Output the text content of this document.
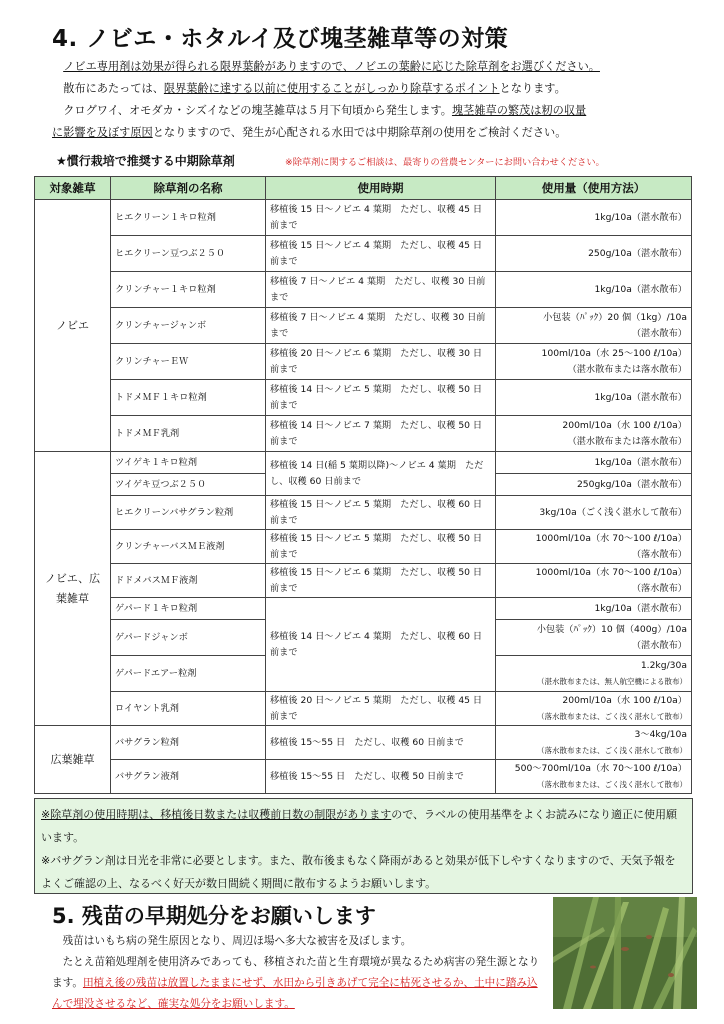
4. ノビエ・ホタルイ及び塊茎雑草等の対策
ノビエ専用剤は効果が得られる限界葉齢がありますので、ノビエの葉齢に応じた除草剤をお選びください。
散布にあたっては、限界葉齢に達する以前に使用することがしっかり除草するポイントとなります。
クログワイ、オモダカ・シズイなどの塊茎雑草は５月下旬頃から発生します。塊茎雑草の繁茂は籾の収量
に影響を及ぼす原因となりますので、発生が心配される水田では中期除草剤の使用をご検討ください。
★慣行栽培で推奨する中期除草剤	※除草剤に関するご相談は、最寄りの営農センターにお問い合わせください。
対象雑草	除草剤の名称	使用時期	使用量（使用方法）
ノビエ	ヒエクリーン１キロ粒剤	移植後 15 日～ノビエ 4 葉期　ただし、収穫 45 日前まで	1kg/10a（湛水散布）

	ヒエクリーン豆つぶ２５０	移植後 15 日～ノビエ 4 葉期　ただし、収穫 45 日前まで	250g/10a（湛水散布）

	クリンチャー１キロ粒剤	移植後 7 日～ノビエ 4 葉期　ただし、収穫 30 日前まで	1kg/10a（湛水散布）

	クリンチャージャンボ	移植後 7 日～ノビエ 4 葉期　ただし、収穫 30 日前まで	小包装（ﾊﾟｯｸ）20 個（1kg）/10a
（湛水散布）

	クリンチャーＥＷ	移植後 20 日～ノビエ 6 葉期　ただし、収穫 30 日前まで	100ml/10a（水 25～100 ℓ/10a）
（湛水散布または落水散布）

	トドメＭＦ１キロ粒剤	移植後 14 日～ノビエ 5 葉期　ただし、収穫 50 日前まで	1kg/10a（湛水散布）

	トドメＭＦ乳剤	移植後 14 日～ノビエ 7 葉期　ただし、収穫 50 日前まで	200ml/10a（水 100 ℓ/10a）
（湛水散布または落水散布）

ノビエ、広葉雑草	ツイゲキ１キロ粒剤	移植後 14 日(稲 5 葉期以降)～ノビエ 4 葉期　ただし、収穫 60 日前まで	1kg/10a（湛水散布）

	ツイゲキ豆つぶ２５０		250gkg/10a（湛水散布）

	ヒエクリーンバサグラン粒剤	移植後 15 日～ノビエ 5 葉期　ただし、収穫 60 日前まで	3kg/10a（ごく浅く湛水して散布）

	クリンチャーバスＭＥ液剤	移植後 15 日～ノビエ 5 葉期　ただし、収穫 50 日前まで	1000ml/10a（水 70～100 ℓ/10a）
（落水散布）

	ドドメバスＭＦ液剤	移植後 15 日～ノビエ 6 葉期　ただし、収穫 50 日前まで	1000ml/10a（水 70～100 ℓ/10a）
（落水散布）

	ゲパード１キロ粒剤	移植後 14 日～ノビエ 4 葉期　ただし、収穫 60 日前まで	1kg/10a（湛水散布）

	ゲパードジャンボ		小包装（ﾊﾟｯｸ）10 個（400g）/10a
（湛水散布）

	ゲパードエアー粒剤		1.2kg/30a
（湛水散布または、無人航空機による散布）

	ロイヤント乳剤	移植後 20 日～ノビエ 5 葉期　ただし、収穫 45 日前まで	200ml/10a（水 100 ℓ/10a）
（落水散布または、ごく浅く湛水して散布）

広葉雑草	バサグラン粒剤	移植後 15～55 日　ただし、収穫 60 日前まで	3～4kg/10a
（落水散布または、ごく浅く湛水して散布）

	バサグラン液剤	移植後 15～55 日　ただし、収穫 50 日前まで	500～700ml/10a（水 70～100 ℓ/10a）
（落水散布または、ごく浅く湛水して散布）
※除草剤の使用時期は、移植後日数または収穫前日数の制限がありますので、ラベルの使用基準をよくお読みになり適正に使用願います。
※バサグラン剤は日光を非常に必要とします。また、散布後まもなく降雨があると効果が低下しやすくなりますので、天気予報をよくご確認の上、なるべく好天が数日間続く期間に散布するようお願いします。
5. 残苗の早期処分をお願いします
残苗はいもち病の発生原因となり、周辺ほ場へ多大な被害を及ぼします。
たとえ苗箱処理剤を使用済みであっても、移植された苗と生育環境が異なるため病害の発生源となります。田植え後の残苗は放置したままにせず、水田から引きあげて完全に枯死させるか、土中に踏み込んで埋没させるなど、確実な処分をお願いします。
